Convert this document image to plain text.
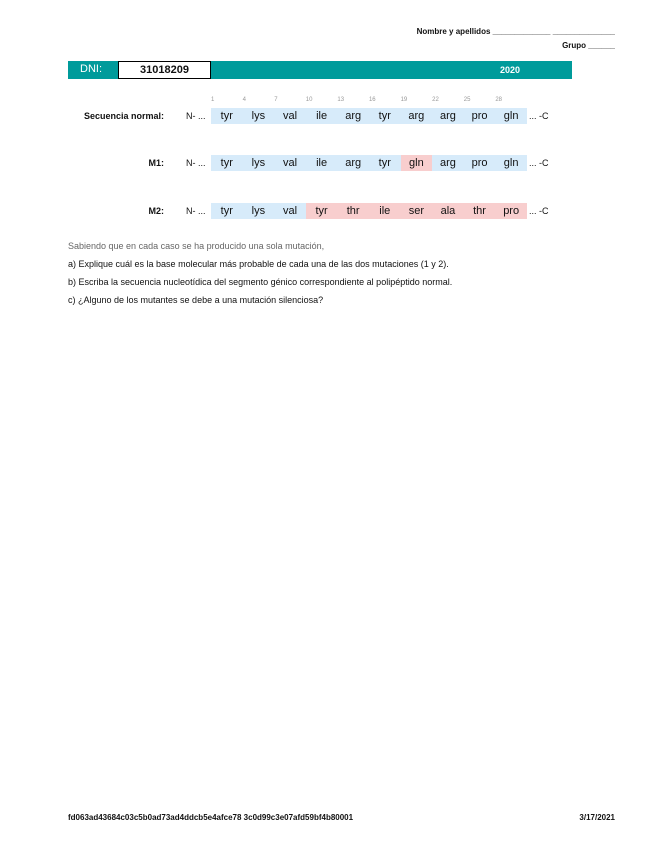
Nombre y apellidos _____________ ______________
Grupo ______
DNI:	31018209	2020
1	4	7	10	13	16	19	22	25	28
Secuencia normal: N- ...	tyr	lys	val	ile	arg	tyr	arg	arg	pro	gln	... -C
M1: N- ...	tyr	lys	val	ile	arg	tyr	gln	arg	pro	gln	... -C
M2: N- ...	tyr	lys	val	tyr	thr	ile	ser	ala	thr	pro	... -C
Sabiendo que en cada caso se ha producido una sola mutación,
a) Explique cuál es la base molecular más probable de cada una de las dos mutaciones (1 y 2).
b) Escriba la secuencia nucleotídica del segmento génico correspondiente al polipéptido normal.
c) ¿Alguno de los mutantes se debe a una mutación silenciosa?
fd063ad43684c03c5b0ad73ad4ddcb5e4afce78 3c0d99c3e07afd59bf4b80001	3/17/2021
